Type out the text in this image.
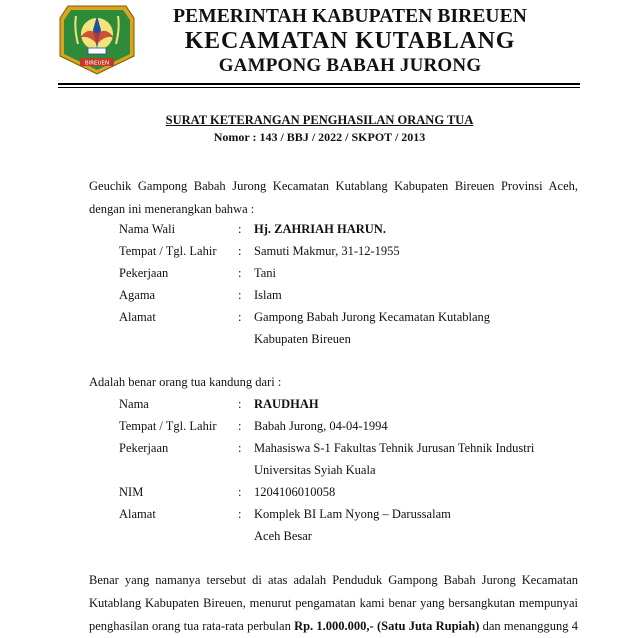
BIREUEN
PEMERINTAH KABUPATEN BIREUEN
KECAMATAN KUTABLANG
GAMPONG BABAH JURONG
SURAT KETERANGAN PENGHASILAN ORANG TUA
Nomor : 143 / BBJ / 2022 / SKPOT / 2013
Geuchik Gampong Babah Jurong Kecamatan Kutablang Kabupaten Bireuen Provinsi Aceh,
dengan ini menerangkan bahwa :
Nama Wali	: Hj. ZAHRIAH HARUN.
Tempat / Tgl. Lahir : Samuti Makmur, 31-12-1955
Pekerjaan	: Tani
Agama	: Islam
Alamat	: Gampong Babah Jurong Kecamatan Kutablang
Kabupaten Bireuen
Adalah benar orang tua kandung dari :
Nama	: RAUDHAH
Tempat / Tgl. Lahir : Babah Jurong, 04-04-1994
Pekerjaan	: Mahasiswa S-1 Fakultas Tehnik Jurusan Tehnik Industri
Universitas Syiah Kuala
NIM	: 1204106010058
Alamat	: Komplek BI Lam Nyong – Darussalam
Aceh Besar
Benar yang namanya tersebut di atas adalah Penduduk Gampong Babah Jurong Kecamatan
Kutablang Kabupaten Bireuen, menurut pengamatan kami benar yang bersangkutan mempunyai
penghasilan orang tua rata-rata perbulan Rp. 1.000.000,- (Satu Juta Rupiah) dan menanggung 4
